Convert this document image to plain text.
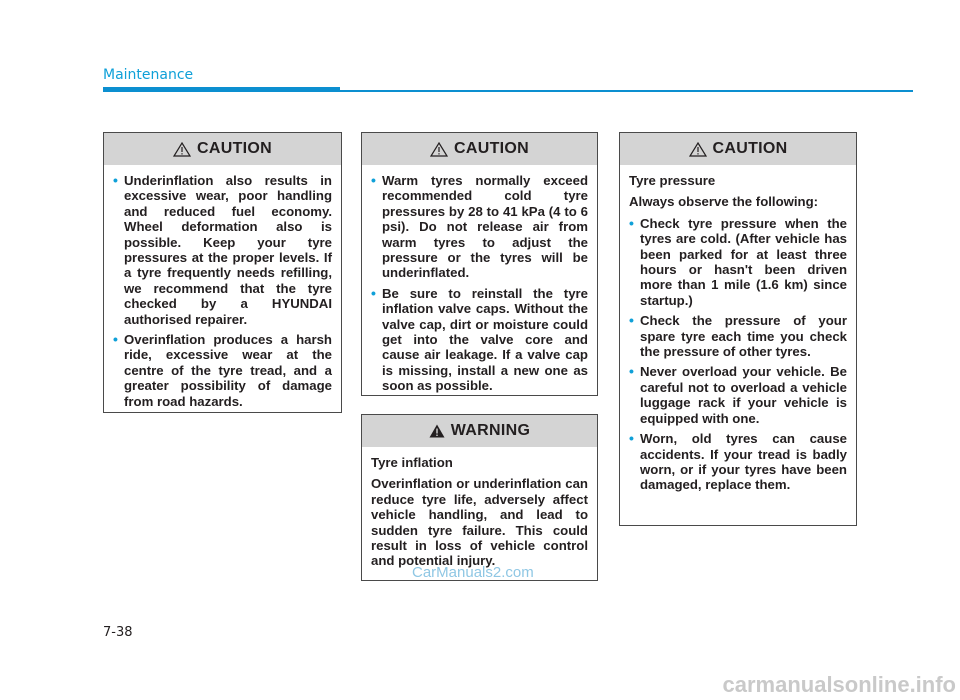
Maintenance
CAUTION
• Underinflation also results in excessive wear, poor handling and reduced fuel economy. Wheel deformation also is possible. Keep your tyre pressures at the proper levels. If a tyre frequently needs refilling, we recommend that the tyre checked by a HYUNDAI authorised repairer.
• Overinflation produces a harsh ride, excessive wear at the centre of the tyre tread, and a greater possibility of damage from road hazards.
CAUTION
• Warm tyres normally exceed recommended cold tyre pressures by 28 to 41 kPa (4 to 6 psi). Do not release air from warm tyres to adjust the pressure or the tyres will be underinflated.
• Be sure to reinstall the tyre inflation valve caps. Without the valve cap, dirt or moisture could get into the valve core and cause air leakage. If a valve cap is missing, install a new one as soon as possible.
WARNING

Tyre inflation

Overinflation or underinflation can reduce tyre life, adversely affect vehicle handling, and lead to sudden tyre failure. This could result in loss of vehicle control and potential injury.

CAUTION

Tyre pressure

Always observe the following:

• Check tyre pressure when the tyres are cold. (After vehicle has been parked for at least three hours or hasn't been driven more than 1 mile (1.6 km) since startup.)
• Check the pressure of your spare tyre each time you check the pressure of other tyres.
• Never overload your vehicle. Be careful not to overload a vehicle luggage rack if your vehicle is equipped with one.
• Worn, old tyres can cause accidents. If your tread is badly worn, or if your tyres have been damaged, replace them.
CarManuals2.com
7-38
carmanualsonline.info
